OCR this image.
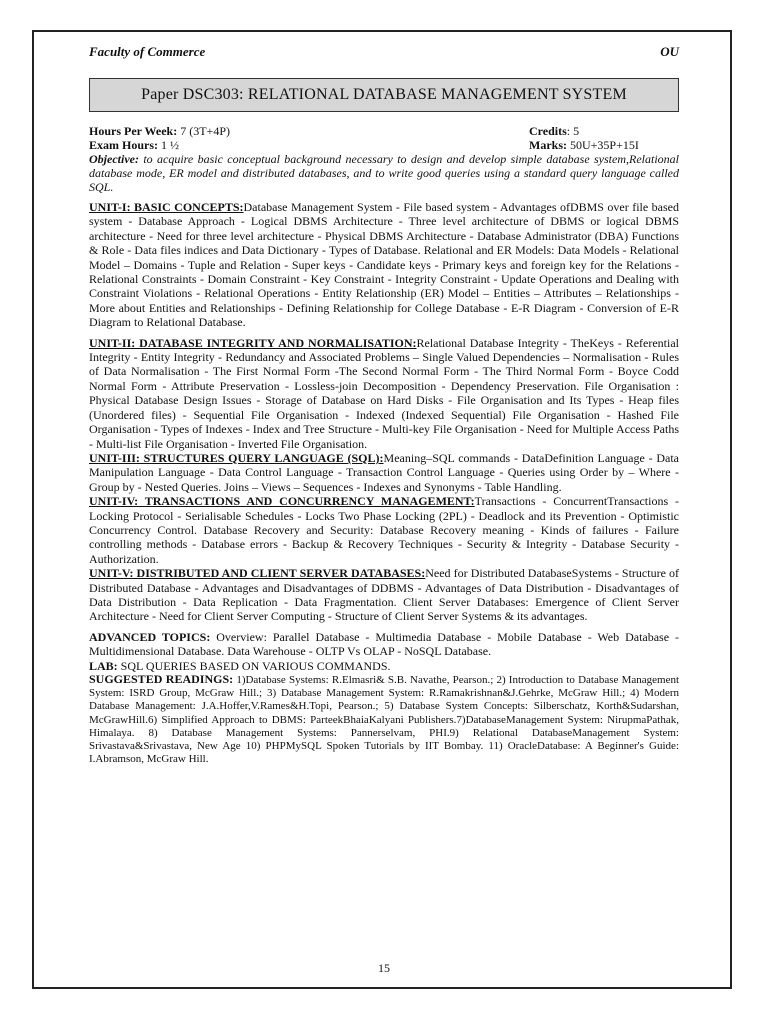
Faculty of Commerce	OU
Paper DSC303: RELATIONAL DATABASE MANAGEMENT SYSTEM
Hours Per Week: 7 (3T+4P)	Credits: 5
Exam Hours: 1 ½	Marks: 50U+35P+15I
Objective: to acquire basic conceptual background necessary to design and develop simple database system,Relational database mode, ER model and distributed databases, and to write good queries using a standard query language called SQL.
UNIT-I: BASIC CONCEPTS:Database Management System - File based system - Advantages ofDBMS over file based system - Database Approach - Logical DBMS Architecture - Three level architecture of DBMS or logical DBMS architecture - Need for three level architecture - Physical DBMS Architecture - Database Administrator (DBA) Functions & Role - Data files indices and Data Dictionary - Types of Database. Relational and ER Models: Data Models - Relational Model – Domains - Tuple and Relation - Super keys - Candidate keys - Primary keys and foreign key for the Relations - Relational Constraints - Domain Constraint - Key Constraint - Integrity Constraint - Update Operations and Dealing with Constraint Violations - Relational Operations - Entity Relationship (ER) Model – Entities – Attributes – Relationships - More about Entities and Relationships - Defining Relationship for College Database - E-R Diagram - Conversion of E-R Diagram to Relational Database.
UNIT-II: DATABASE INTEGRITY AND NORMALISATION:Relational Database Integrity - TheKeys - Referential Integrity - Entity Integrity - Redundancy and Associated Problems – Single Valued Dependencies – Normalisation - Rules of Data Normalisation - The First Normal Form -The Second Normal Form - The Third Normal Form - Boyce Codd Normal Form - Attribute Preservation - Lossless-join Decomposition - Dependency Preservation. File Organisation : Physical Database Design Issues - Storage of Database on Hard Disks - File Organisation and Its Types - Heap files (Unordered files) - Sequential File Organisation - Indexed (Indexed Sequential) File Organisation - Hashed File Organisation - Types of Indexes - Index and Tree Structure - Multi-key File Organisation - Need for Multiple Access Paths - Multi-list File Organisation - Inverted File Organisation.
UNIT-III: STRUCTURES QUERY LANGUAGE (SQL):Meaning–SQL commands - DataDefinition Language - Data Manipulation Language - Data Control Language - Transaction Control Language - Queries using Order by – Where - Group by - Nested Queries. Joins – Views – Sequences - Indexes and Synonyms - Table Handling.
UNIT-IV: TRANSACTIONS AND CONCURRENCY MANAGEMENT:Transactions - ConcurrentTransactions - Locking Protocol - Serialisable Schedules - Locks Two Phase Locking (2PL) - Deadlock and its Prevention - Optimistic Concurrency Control. Database Recovery and Security: Database Recovery meaning - Kinds of failures - Failure controlling methods - Database errors - Backup & Recovery Techniques - Security & Integrity - Database Security - Authorization.
UNIT-V: DISTRIBUTED AND CLIENT SERVER DATABASES:Need for Distributed DatabaseSystems - Structure of Distributed Database - Advantages and Disadvantages of DDBMS - Advantages of Data Distribution - Disadvantages of Data Distribution - Data Replication - Data Fragmentation. Client Server Databases: Emergence of Client Server Architecture - Need for Client Server Computing - Structure of Client Server Systems & its advantages.
ADVANCED TOPICS: Overview: Parallel Database - Multimedia Database - Mobile Database - Web Database - Multidimensional Database. Data Warehouse - OLTP Vs OLAP - NoSQL Database.
LAB: SQL QUERIES BASED ON VARIOUS COMMANDS.
SUGGESTED READINGS: 1)Database Systems: R.Elmasri& S.B. Navathe, Pearson.; 2) Introduction to Database Management System: ISRD Group, McGraw Hill.; 3) Database Management System: R.Ramakrishnan&J.Gehrke, McGraw Hill.; 4) Modern Database Management: J.A.Hoffer,V.Rames&H.Topi, Pearson.; 5) Database System Concepts: Silberschatz, Korth&Sudarshan, McGrawHill.6) Simplified Approach to DBMS: ParteekBhaiaKalyani Publishers.7)DatabaseManagement System: NirupmaPathak, Himalaya. 8) Database Management Systems: Pannerselvam, PHI.9) Relational DatabaseManagement System: Srivastava&Srivastava, New Age 10) PHPMySQL Spoken Tutorials by IIT Bombay. 11) OracleDatabase: A Beginner's Guide: I.Abramson, McGraw Hill.
15
